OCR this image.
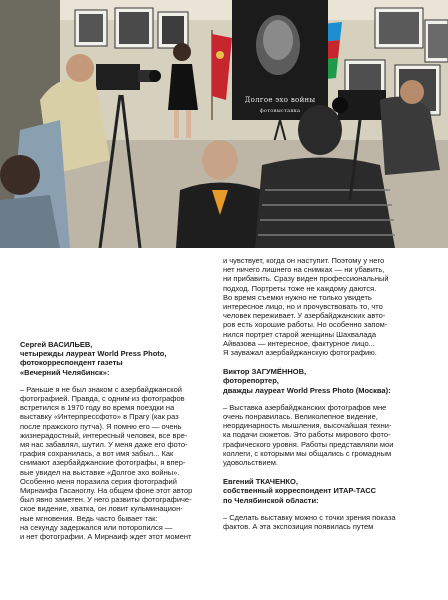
Долгое эхо войны
фотовыставка
Сергей ВАСИЛЬЕВ,
четырежды лауреат World Press Photo,
фотокорреспондент газеты
«Вечерний Челябинск»:

– Раньше я не был знаком с азербайджанской
фотографией. Правда, с одним из фотографов
встретился в 1970 году во время поездки на
выставку «Интерпрессфото» в Прагу (как раз
после пражского путча). Я помню его — очень
жизнерадостный, интересный человек, все вре-
мя нас забавлял, шутил. У меня даже его фото-
графия сохранилась, а вот имя забыл... Как
снимают азербайджанские фотографы, я впер-
вые увидел на выставке «Долгое эхо войны».
Особенно меня поразила серия фотографий
Мирнаифа Гасаноглу. На общем фоне этот автор
был явно заметен. У него развиты фотографиче-
ское видение, хватка, он ловит кульминацион-
ные мгновения. Ведь часто бывает так:
на секунду задержался или поторопился —
и нет фотографии. А Мирнаиф ждет этот момент

и чувствует, когда он наступит. Поэтому у него
нет ничего лишнего на снимках — ни убавить,
ни прибавить. Сразу виден профессиональный
подход. Портреты тоже не каждому даются.
Во время съемки нужно не только увидеть
интересное лицо, но и прочувствовать то, что
человек переживает. У азербайджанских авто-
ров есть хорошие работы. Но особенно запом-
нился портрет старой женщины Шахвалада
Айвазова — интересное, фактурное лицо...
Я зауважал азербайджанскую фотографию.

Виктор ЗАГУМЁННОВ,
фоторепортер,
дважды лауреат World Press Photo (Москва):

– Выставка азербайджанских фотографов мне
очень понравилась. Великолепное видение,
неординарность мышления, высочайшая техни-
ка подачи сюжетов. Это работы мирового фото-
графического уровня. Работы представляли мои
коллеги, с которыми мы общались с громадным
удовольствием.

Евгений ТКАЧЕНКО,
собственный корреспондент ИТАР-ТАСС
по Челябинской области:

– Сделать выставку можно с точки зрения показа
фактов. А эта экспозиция появилась путем
